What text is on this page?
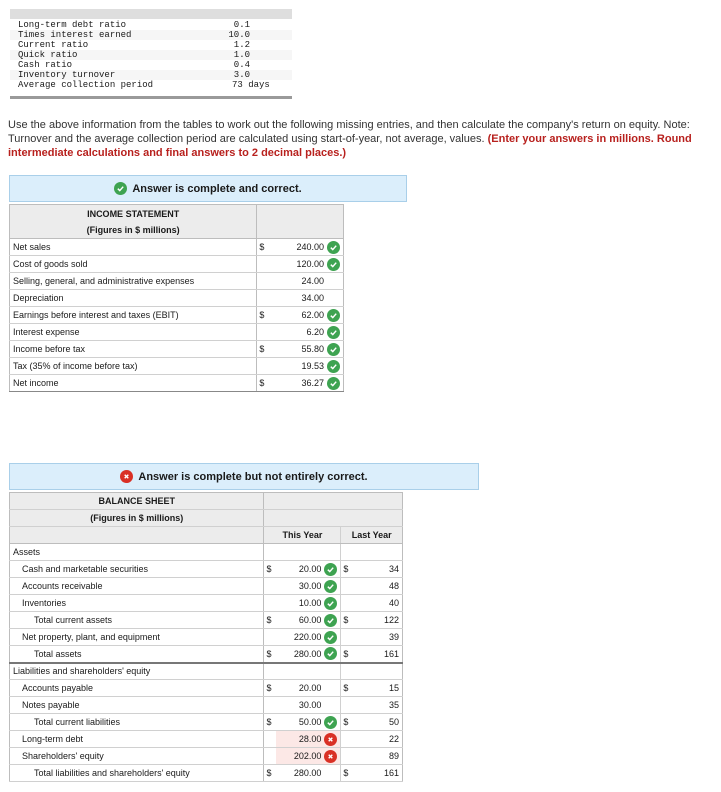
Long-term debt ratio	0.1
Times interest earned	10.0
Current ratio	1.2
Quick ratio	1.0
Cash ratio	0.4
Inventory turnover	3.0
Average collection period	73 days
Use the above information from the tables to work out the following missing entries, and then calculate the company's return on equity. Note: Turnover and the average collection period are calculated using start-of-year, not average, values. (Enter your answers in millions. Round intermediate calculations and final answers to 2 decimal places.)
Answer is complete and correct.
INCOME STATEMENT		
(Figures in $ millions)		
Net sales	$	240.00

Cost of goods sold		120.00

Selling, general, and administrative expenses		24.00
Depreciation		34.00
Earnings before interest and taxes (EBIT)	$	62.00

Interest expense		6.20

Income before tax	$	55.80

Tax (35% of income before tax)		19.53

Net income	$	36.27
Answer is complete but not entirely correct.
BALANCE SHEET				
(Figures in $ millions)				
	This Year		Last Year	
Assets				
Cash and marketable securities	$	20.00	$	34
Accounts receivable		30.00		48
Inventories		10.00		40
Total current assets	$	60.00	$	122
Net property, plant, and equipment		220.00		39
Total assets	$	280.00	$	161
Liabilities and shareholders' equity				
Accounts payable	$	20.00	$	15
Notes payable		30.00		35
Total current liabilities	$	50.00	$	50
Long-term debt		28.00		22
Shareholders' equity		202.00		89
Total liabilities and shareholders' equity	$	280.00	$	161
